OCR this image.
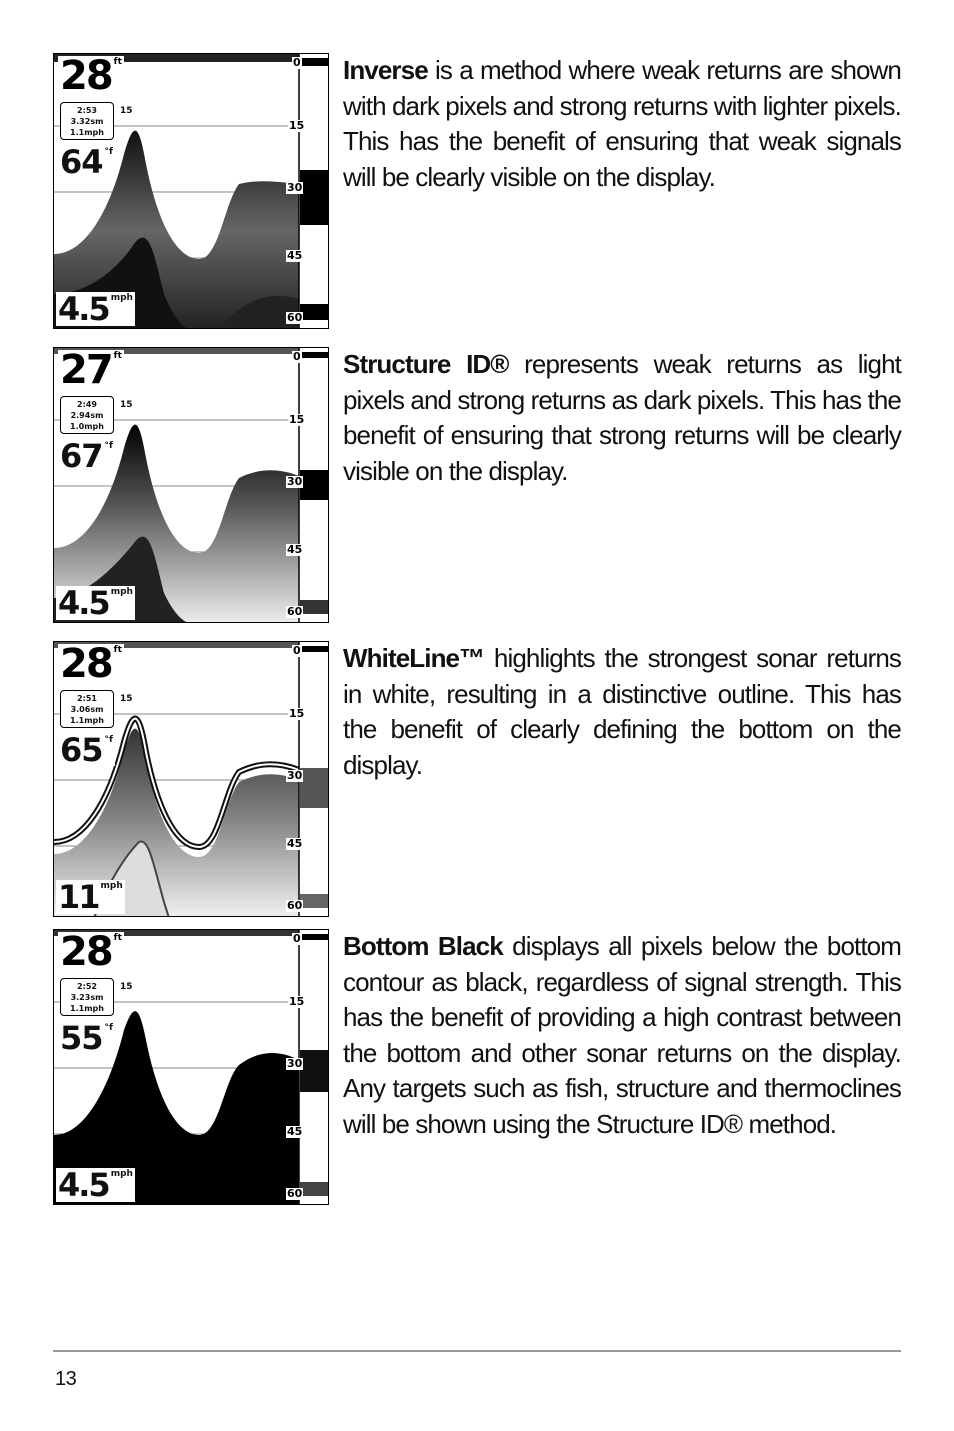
28 $^{ft}$
2:53
3.32sm
1.1mph
64 $^{^\circ f}$
15
4.5 $^{mph}$
0
15
30
45
60
Inverse is a method where weak returns are shown with dark pixels and strong returns with lighter pixels. This has the benefit of ensuring that weak signals will be clearly visible on the display.
27 $^{ft}$
2:49
2.94sm
1.0mph
67 $^{^\circ f}$
15
4.5 $^{mph}$
0
15
30
45
60
Structure ID® represents weak returns as light pixels and strong returns as dark pixels. This has the benefit of ensuring that strong returns will be clearly visible on the display.
28 $^{ft}$
2:51
3.06sm
1.1mph
65 $^{^\circ f}$
15
11 $^{mph}$
0
15
30
45
60
WhiteLine™ highlights the strongest sonar returns in white, resulting in a distinctive outline. This has the benefit of clearly defining the bottom on the display.
28 $^{ft}$
2:52
3.23sm
1.1mph
55 $^{^\circ f}$
15
4.5 $^{mph}$
0
15
30
45
60
Bottom Black displays all pixels below the bottom contour as black, regardless of signal strength. This has the benefit of providing a high contrast between the bottom and other sonar returns on the display. Any targets such as fish, structure and thermoclines will be shown using the Structure ID® method.
13
